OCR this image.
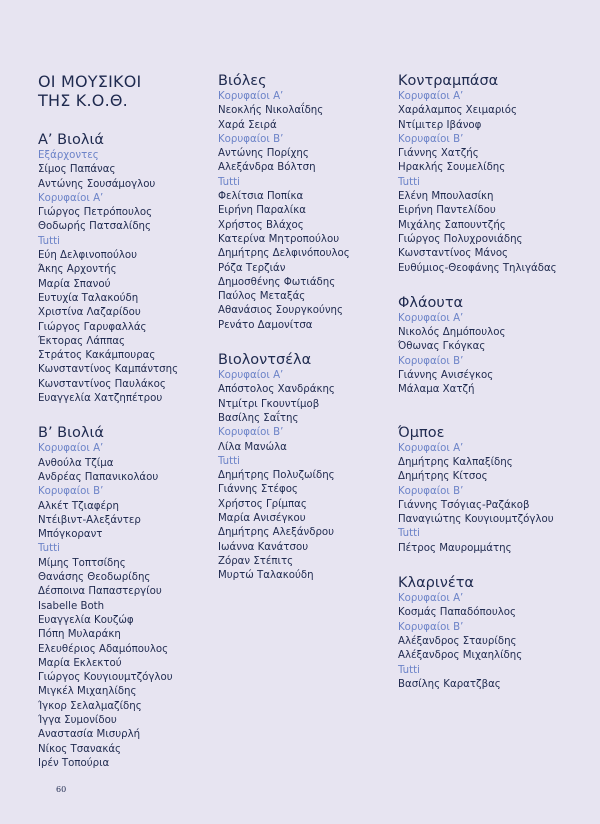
ΟΙ ΜΟΥΣΙΚΟΙ
ΤΗΣ Κ.Ο.Θ.
Α’ Βιολιά
Εξάρχοντες
Σίμος Παπάνας
Αντώνης Σουσάμογλου
Κορυφαίοι Α’
Γιώργος Πετρόπουλος
Θοδωρής Πατσαλίδης
Tutti
Εύη Δελφινοπούλου
Άκης Αρχοντής
Μαρία Σπανού
Ευτυχία Ταλακούδη
Χριστίνα Λαζαρίδου
Γιώργος Γαρυφαλλάς
Έκτορας Λάππας
Στράτος Κακάμπουρας
Κωνσταντίνος Καμπάντσης
Κωνσταντίνος Παυλάκος
Ευαγγελία Χατζηπέτρου
Β’ Βιολιά
Κορυφαίοι Α’
Ανθούλα Τζίμα
Ανδρέας Παπανικολάου
Κορυφαίοι Β’
Αλκέτ Τζιαφέρη
Ντέιβιντ-Αλεξάντερ
Μπόγκοραντ
Tutti
Μίμης Τοπτσίδης
Θανάσης Θεοδωρίδης
Δέσποινα Παπαστεργίου
Isabelle Both
Ευαγγελία Κουζώφ
Πόπη Μυλαράκη
Ελευθέριος Αδαμόπουλος
Μαρία Εκλεκτού
Γιώργος Κουγιουμτζόγλου
Μιγκέλ Μιχαηλίδης
Ίγκορ Σελαλμαζίδης
Ίγγα Συμονίδου
Αναστασία Μισυρλή
Νίκος Τσανακάς
Ιρέν Τοπούρια
Βιόλες
Κορυφαίοι Α’
Νεοκλής Νικολαΐδης
Χαρά Σειρά
Κορυφαίοι Β’
Αντώνης Πορίχης
Αλεξάνδρα Βόλτση
Tutti
Φελίτσια Ποπίκα
Ειρήνη Παραλίκα
Χρήστος Βλάχος
Κατερίνα Μητροπούλου
Δημήτρης Δελφινόπουλος
Ρόζα Τερζιάν
Δημοσθένης Φωτιάδης
Παύλος Μεταξάς
Αθανάσιος Σουργκούνης
Ρενάτο Δαμονίτσα
Βιολοντσέλα
Κορυφαίοι Α’
Απόστολος Χανδράκης
Ντμίτρι Γκουντίμοβ
Βασίλης Σαΐτης
Κορυφαίοι Β’
Λίλα Μανώλα
Tutti
Δημήτρης Πολυζωίδης
Γιάννης Στέφος
Χρήστος Γρίμπας
Μαρία Ανισέγκου
Δημήτρης Αλεξάνδρου
Ιωάννα Κανάτσου
Ζόραν Στέπιτς
Μυρτώ Ταλακούδη
Κοντραμπάσα
Κορυφαίοι Α’
Χαράλαμπος Χειμαριός
Ντίμιτερ Ιβάνοφ
Κορυφαίοι Β’
Γιάννης Χατζής
Ηρακλής Σουμελίδης
Tutti
Ελένη Μπουλασίκη
Ειρήνη Παντελίδου
Μιχάλης Σαπουντζής
Γιώργος Πολυχρονιάδης
Κωνσταντίνος Μάνος
Ευθύμιος-Θεοφάνης Τηλιγάδας
Φλάουτα
Κορυφαίοι Α’
Νικολός Δημόπουλος
Όθωνας Γκόγκας
Κορυφαίοι Β’
Γιάννης Ανισέγκος
Μάλαμα Χατζή
Όμποε
Κορυφαίοι Α’
Δημήτρης Καλπαξίδης
Δημήτρης Κίτσος
Κορυφαίοι Β’
Γιάννης Τσόγιας-Ραζάκοβ
Παναγιώτης Κουγιουμτζόγλου
Tutti
Πέτρος Μαυρομμάτης
Κλαρινέτα
Κορυφαίοι Α’
Κοσμάς Παπαδόπουλος
Κορυφαίοι Β’
Αλέξανδρος Σταυρίδης
Αλέξανδρος Μιχαηλίδης
Tutti
Βασίλης Καρατζβας
60
